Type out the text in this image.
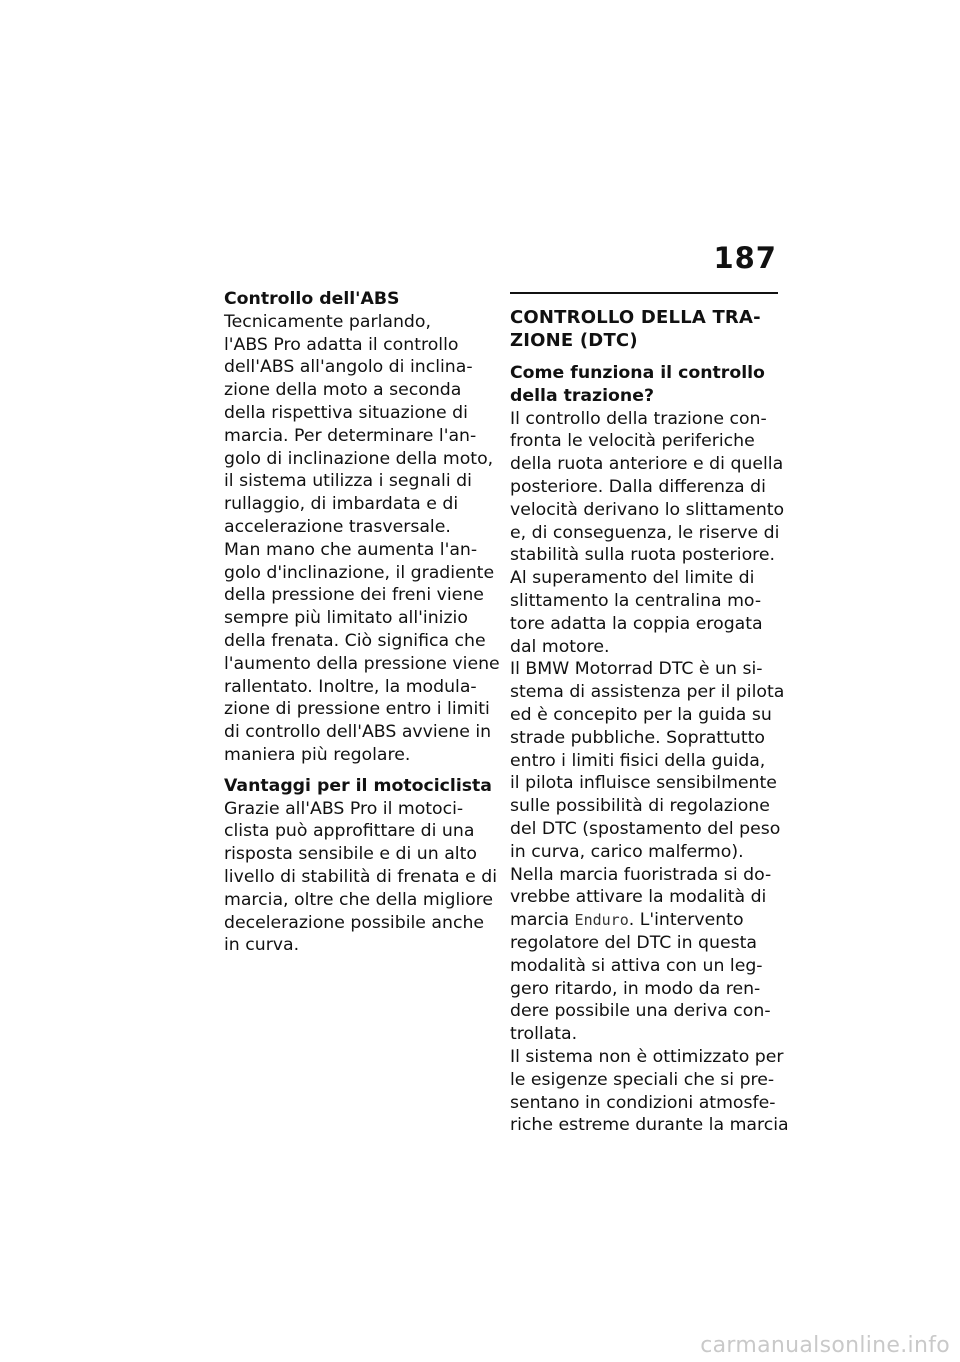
187
Controllo dell'ABS
Tecnicamente parlando,
l'ABS Pro adatta il controllo
dell'ABS all'angolo di inclina-
zione della moto a seconda
della rispettiva situazione di
marcia. Per determinare l'an-
golo di inclinazione della moto,
il sistema utilizza i segnali di
rullaggio, di imbardata e di
accelerazione trasversale.
Man mano che aumenta l'an-
golo d'inclinazione, il gradiente
della pressione dei freni viene
sempre più limitato all'inizio
della frenata. Ciò significa che
l'aumento della pressione viene
rallentato. Inoltre, la modula-
zione di pressione entro i limiti
di controllo dell'ABS avviene in
maniera più regolare.
Vantaggi per il motociclista
Grazie all'ABS Pro il motoci-
clista può approfittare di una
risposta sensibile e di un alto
livello di stabilità di frenata e di
marcia, oltre che della migliore
decelerazione possibile anche
in curva.
CONTROLLO DELLA TRA-
ZIONE (DTC)
Come funziona il controllo
della trazione?
Il controllo della trazione con-
fronta le velocità periferiche
della ruota anteriore e di quella
posteriore. Dalla differenza di
velocità derivano lo slittamento
e, di conseguenza, le riserve di
stabilità sulla ruota posteriore.
Al superamento del limite di
slittamento la centralina mo-
tore adatta la coppia erogata
dal motore.
Il BMW Motorrad DTC è un si-
stema di assistenza per il pilota
ed è concepito per la guida su
strade pubbliche. Soprattutto
entro i limiti fisici della guida,
il pilota influisce sensibilmente
sulle possibilità di regolazione
del DTC (spostamento del peso
in curva, carico malfermo).
Nella marcia fuoristrada si do-
vrebbe attivare la modalità di
marcia Enduro. L'intervento
regolatore del DTC in questa
modalità si attiva con un leg-
gero ritardo, in modo da ren-
dere possibile una deriva con-
trollata.
Il sistema non è ottimizzato per
le esigenze speciali che si pre-
sentano in condizioni atmosfe-
riche estreme durante la marcia
carmanualsonline.info
